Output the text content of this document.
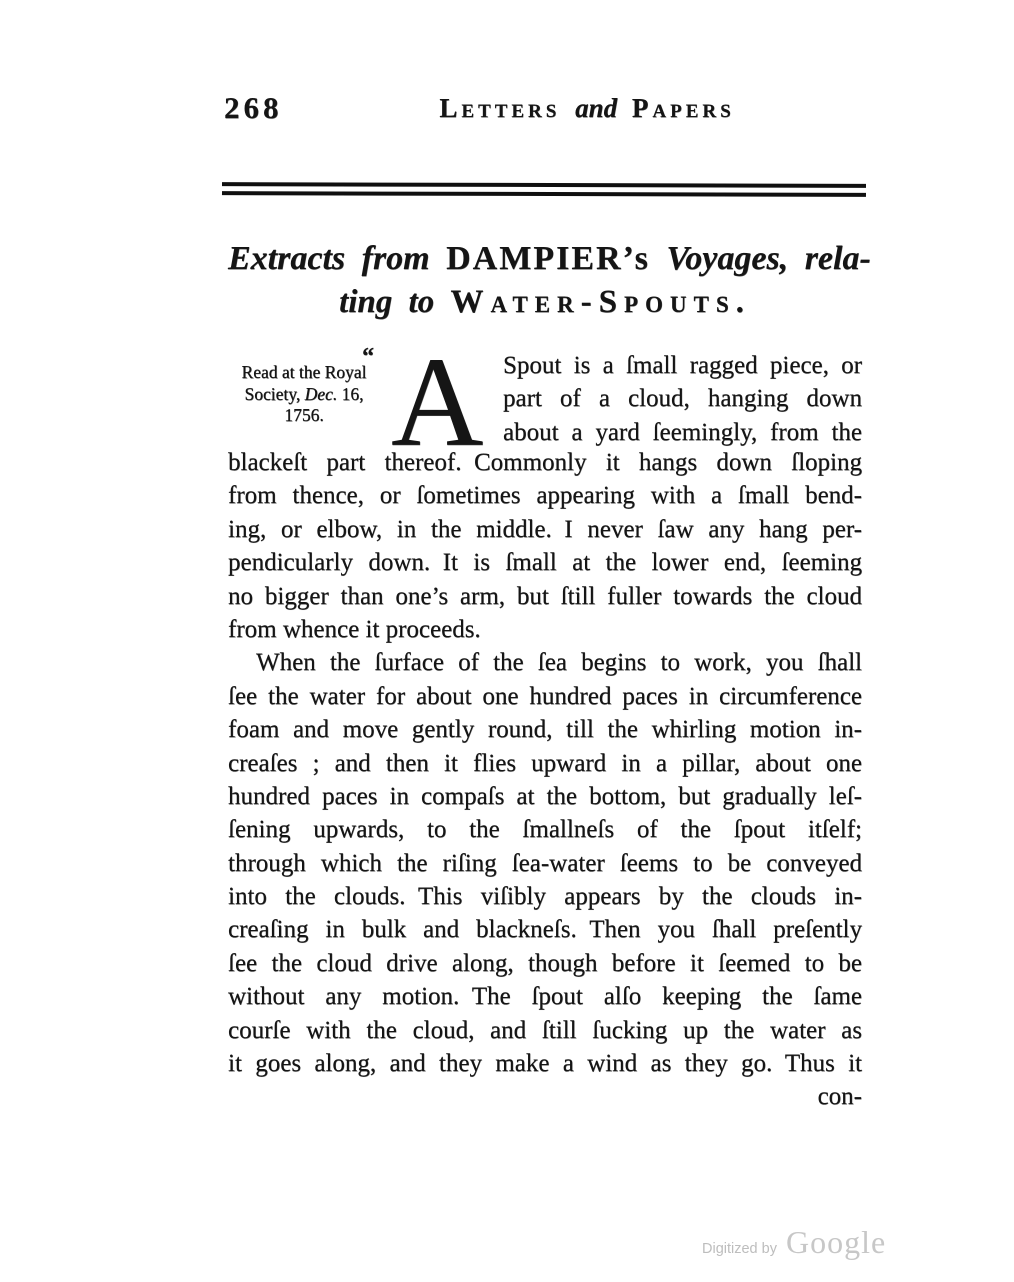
268	Letters and Papers
Extracts from DAMPIER’s Voyages, rela-
ting to Water-Spouts.
Read at the Royal
Society, Dec. 16,
1756.
“ A Spout is a ſmall ragged piece, or
part of a cloud, hanging down
about a yard ſeemingly, from the
blackeſt part thereof. Commonly it hangs down ſloping
from thence, or ſometimes appearing with a ſmall bend-
ing, or elbow, in the middle. I never ſaw any hang per-
pendicularly down. It is ſmall at the lower end, ſeeming
no bigger than one’s arm, but ſtill fuller towards the cloud
from whence it proceeds.
When the ſurface of the ſea begins to work, you ſhall
ſee the water for about one hundred paces in circumference
foam and move gently round, till the whirling motion in-
creaſes ; and then it flies upward in a pillar, about one
hundred paces in compaſs at the bottom, but gradually leſ-
ſening upwards, to the ſmallneſs of the ſpout itſelf;
through which the riſing ſea-water ſeems to be conveyed
into the clouds. This viſibly appears by the clouds in-
creaſing in bulk and blackneſs. Then you ſhall preſently
ſee the cloud drive along, though before it ſeemed to be
without any motion. The ſpout alſo keeping the ſame
courſe with the cloud, and ſtill ſucking up the water as
it goes along, and they make a wind as they go. Thus it
con-
Digitized by Google
